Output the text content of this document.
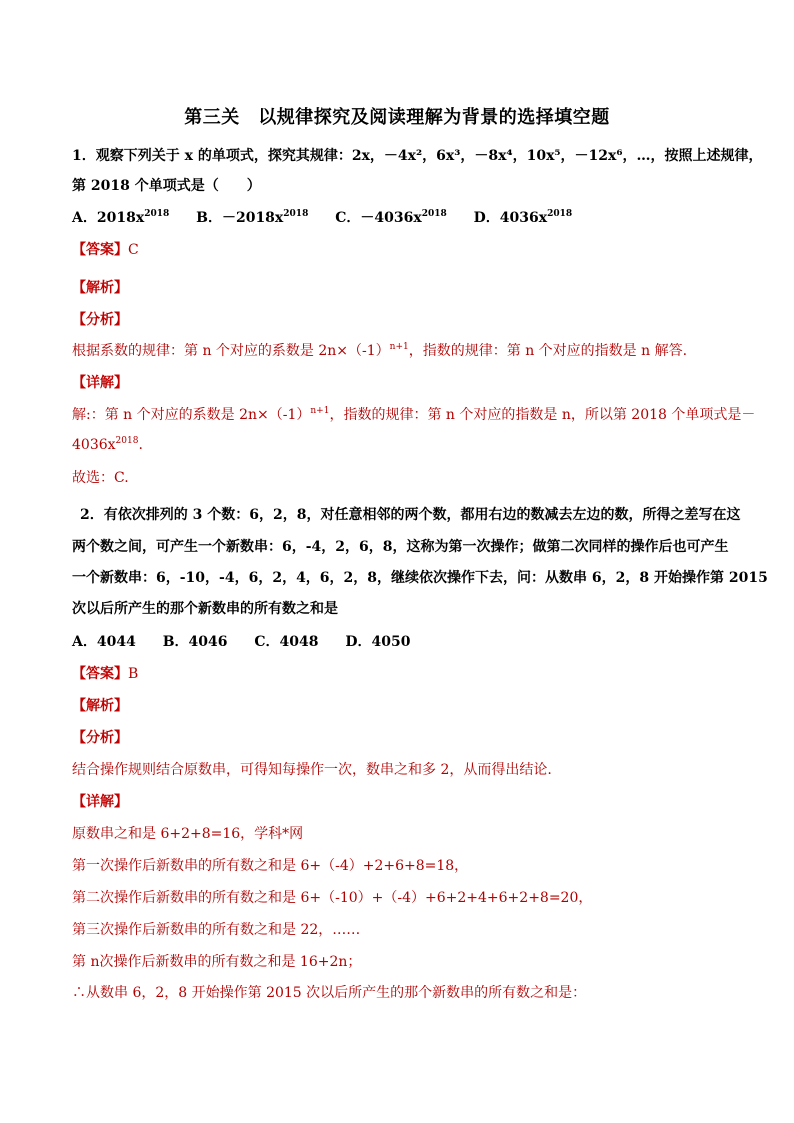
第三关　以规律探究及阅读理解为背景的选择填空题
1．观察下列关于 x 的单项式，探究其规律：2x，－4x²，6x³，－8x⁴，10x⁵，－12x⁶，…，按照上述规律，
第 2018 个单项式是（　　）
A．$2018x^{2018}$ B．$-2018x^{2018}$ C．$-4036x^{2018}$ D．$4036x^{2018}$
【答案】C
【解析】
【分析】
根据系数的规律：第 n 个对应的系数是 $2n\times(-1)^{n+1}$，指数的规律：第 n 个对应的指数是 n 解答.
【详解】
解:：第 n 个对应的系数是 $2n\times(-1)^{n+1}$，指数的规律：第 n 个对应的指数是 n，所以第 2018 个单项式是－
$4036x^{2018}$.
故选：C.
2．有依次排列的 3 个数：6，2，8，对任意相邻的两个数，都用右边的数减去左边的数，所得之差写在这
两个数之间，可产生一个新数串：6，-4，2，6，8，这称为第一次操作；做第二次同样的操作后也可产生
一个新数串：6，-10，-4，6，2，4，6，2，8，继续依次操作下去，问：从数串 6，2，8 开始操作第 2015
次以后所产生的那个新数串的所有数之和是
A．4044 B．4046 C．4048 D．4050
【答案】B
【解析】
【分析】
结合操作规则结合原数串，可得知每操作一次，数串之和多 2，从而得出结论.
【详解】
原数串之和是 6+2+8=16，学科*网
第一次操作后新数串的所有数之和是 6+（-4）+2+6+8=18，
第二次操作后新数串的所有数之和是 6+（-10）+（-4）+6+2+4+6+2+8=20，
第三次操作后新数串的所有数之和是 22，……
第 n次操作后新数串的所有数之和是 16+2n；
∴从数串 6，2，8 开始操作第 2015 次以后所产生的那个新数串的所有数之和是：
